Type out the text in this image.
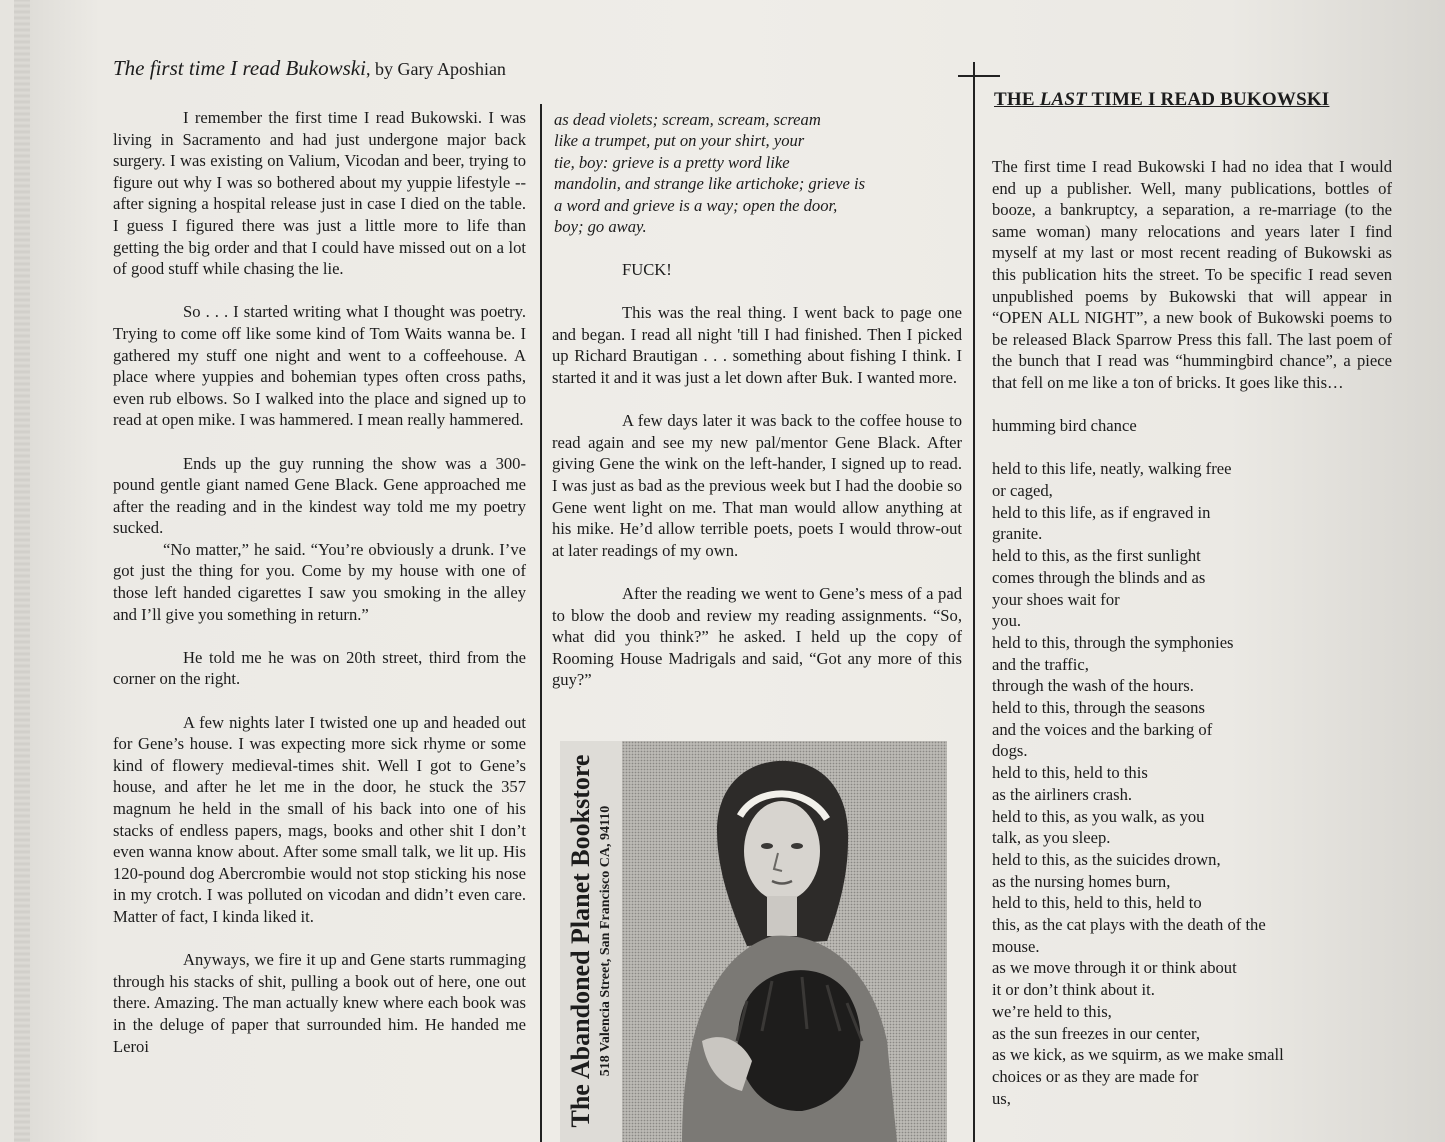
The first time I read Bukowski, by Gary Aposhian

I remember the first time I read Bukowski. I was living in Sacramento and had just undergone major back surgery. I was existing on Valium, Vicodan and beer, trying to figure out why I was so bothered about my yuppie lifestyle -- after signing a hospital release just in case I died on the table. I guess I figured there was just a little more to life than getting the big order and that I could have missed out on a lot of good stuff while chasing the lie.

So . . . I started writing what I thought was poetry. Trying to come off like some kind of Tom Waits wanna be. I gathered my stuff one night and went to a coffeehouse. A place where yuppies and bohemian types often cross paths, even rub elbows. So I walked into the place and signed up to read at open mike. I was hammered. I mean really hammered.

Ends up the guy running the show was a 300-pound gentle giant named Gene Black. Gene approached me after the reading and in the kindest way told me my poetry sucked.

“No matter,” he said. “You’re obviously a drunk. I’ve got just the thing for you. Come by my house with one of those left handed cigarettes I saw you smoking in the alley and I’ll give you something in return.”

He told me he was on 20th street, third from the corner on the right.

A few nights later I twisted one up and headed out for Gene’s house. I was expecting more sick rhyme or some kind of flowery medieval-times shit. Well I got to Gene’s house, and after he let me in the door, he stuck the 357 magnum he held in the small of his back into one of his stacks of endless papers, mags, books and other shit I don’t even wanna know about. After some small talk, we lit up. His 120-pound dog Abercrombie would not stop sticking his nose in my crotch. I was polluted on vicodan and didn’t even care. Matter of fact, I kinda liked it.

Anyways, we fire it up and Gene starts rummaging through his stacks of shit, pulling a book out of here, one out there. Amazing. The man actually knew where each book was in the deluge of paper that surrounded him. He handed me Leroi

as dead violets; scream, scream, scream
like a trumpet, put on your shirt, your
tie, boy: grieve is a pretty word like
mandolin, and strange like artichoke; grieve is
a word and grieve is a way; open the door,
boy; go away.
FUCK!

This was the real thing. I went back to page one and began. I read all night 'till I had finished. Then I picked up Richard Brautigan . . . something about fishing I think. I started it and it was just a let down after Buk. I wanted more.

A few days later it was back to the coffee house to read again and see my new pal/mentor Gene Black. After giving Gene the wink on the left-hander, I signed up to read. I was just as bad as the previous week but I had the doobie so Gene went light on me. That man would allow anything at his mike. He’d allow terrible poets, poets I would throw-out at later readings of my own.

After the reading we went to Gene’s mess of a pad to blow the doob and review my reading assignments. “So, what did you think?” he asked. I held up the copy of Rooming House Madrigals and said, “Got any more of this guy?”

The Abandoned Planet Bookstore 518 Valencia Street, San Francisco CA, 94110
THE LAST TIME I READ BUKOWSKI

The first time I read Bukowski I had no idea that I would end up a publisher. Well, many publications, bottles of booze, a bankruptcy, a separation, a re-marriage (to the same woman) many relocations and years later I find myself at my last or most recent reading of Bukowski as this publication hits the street. To be specific I read seven unpublished poems by Bukowski that will appear in “OPEN ALL NIGHT”, a new book of Bukowski poems to be released Black Sparrow Press this fall. The last poem of the bunch that I read was “hummingbird chance”, a piece that fell on me like a ton of bricks. It goes like this…

humming bird chance

held to this life, neatly, walking free
or caged,
held to this life, as if engraved in
granite.
held to this, as the first sunlight
comes through the blinds and as
your shoes wait for
you.
held to this, through the symphonies
and the traffic,
through the wash of the hours.
held to this, through the seasons
and the voices and the barking of
dogs.
held to this, held to this
as the airliners crash.
held to this, as you walk, as you
talk, as you sleep.
held to this, as the suicides drown,
as the nursing homes burn,
held to this, held to this, held to
this, as the cat plays with the death of the
mouse.
as we move through it or think about
it or don’t think about it.
we’re held to this,
as the sun freezes in our center,
as we kick, as we squirm, as we make small
choices or as they are made for
us,
